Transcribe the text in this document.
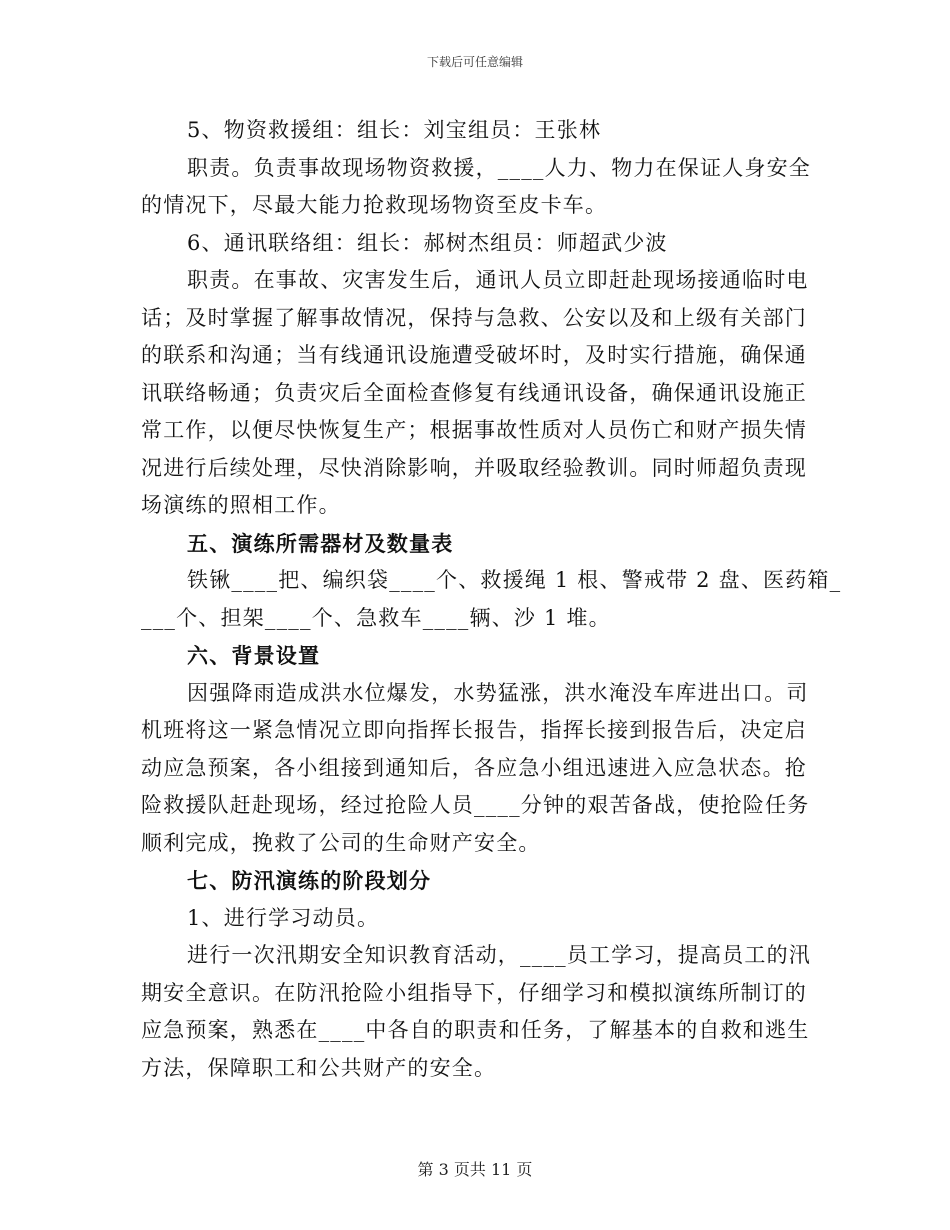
下载后可任意编辑
5、物资救援组：组长：刘宝组员：王张林
职责。负责事故现场物资救援，____人力、物力在保证人身安全
的情况下，尽最大能力抢救现场物资至皮卡车。
6、通讯联络组：组长：郝树杰组员：师超武少波
职责。在事故、灾害发生后，通讯人员立即赶赴现场接通临时电
话；及时掌握了解事故情况，保持与急救、公安以及和上级有关部门
的联系和沟通；当有线通讯设施遭受破坏时，及时实行措施，确保通
讯联络畅通；负责灾后全面检查修复有线通讯设备，确保通讯设施正
常工作，以便尽快恢复生产；根据事故性质对人员伤亡和财产损失情
况进行后续处理，尽快消除影响，并吸取经验教训。同时师超负责现
场演练的照相工作。
五、演练所需器材及数量表
铁锹____把、编织袋____个、救援绳 1 根、警戒带 2 盘、医药箱_
___个、担架____个、急救车____辆、沙 1 堆。
六、背景设置
因强降雨造成洪水位爆发，水势猛涨，洪水淹没车库进出口。司
机班将这一紧急情况立即向指挥长报告，指挥长接到报告后，决定启
动应急预案，各小组接到通知后，各应急小组迅速进入应急状态。抢
险救援队赶赴现场，经过抢险人员____分钟的艰苦备战，使抢险任务
顺利完成，挽救了公司的生命财产安全。
七、防汛演练的阶段划分
1、进行学习动员。
进行一次汛期安全知识教育活动，____员工学习，提高员工的汛
期安全意识。在防汛抢险小组指导下，仔细学习和模拟演练所制订的
应急预案，熟悉在____中各自的职责和任务，了解基本的自救和逃生
方法，保障职工和公共财产的安全。
第 3 页共 11 页
